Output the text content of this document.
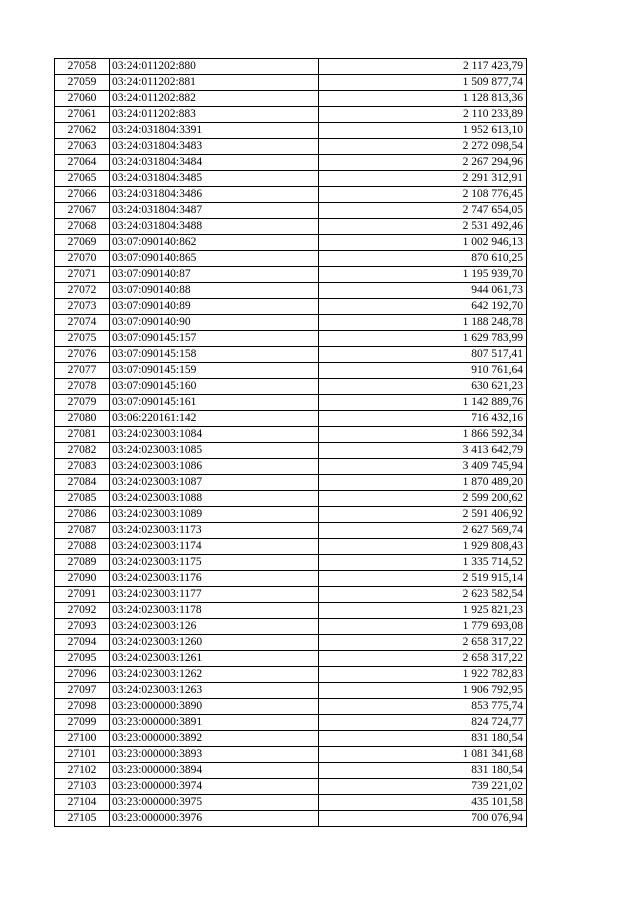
27058	03:24:011202:880	2 117 423,79
27059	03:24:011202:881	1 509 877,74
27060	03:24:011202:882	1 128 813,36
27061	03:24:011202:883	2 110 233,89
27062	03:24:031804:3391	1 952 613,10
27063	03:24:031804:3483	2 272 098,54
27064	03:24:031804:3484	2 267 294,96
27065	03:24:031804:3485	2 291 312,91
27066	03:24:031804:3486	2 108 776,45
27067	03:24:031804:3487	2 747 654,05
27068	03:24:031804:3488	2 531 492,46
27069	03:07:090140:862	1 002 946,13
27070	03:07:090140:865	870 610,25
27071	03:07:090140:87	1 195 939,70
27072	03:07:090140:88	944 061,73
27073	03:07:090140:89	642 192,70
27074	03:07:090140:90	1 188 248,78
27075	03:07:090145:157	1 629 783,99
27076	03:07:090145:158	807 517,41
27077	03:07:090145:159	910 761,64
27078	03:07:090145:160	630 621,23
27079	03:07:090145:161	1 142 889,76
27080	03:06:220161:142	716 432,16
27081	03:24:023003:1084	1 866 592,34
27082	03:24:023003:1085	3 413 642,79
27083	03:24:023003:1086	3 409 745,94
27084	03:24:023003:1087	1 870 489,20
27085	03:24:023003:1088	2 599 200,62
27086	03:24:023003:1089	2 591 406,92
27087	03:24:023003:1173	2 627 569,74
27088	03:24:023003:1174	1 929 808,43
27089	03:24:023003:1175	1 335 714,52
27090	03:24:023003:1176	2 519 915,14
27091	03:24:023003:1177	2 623 582,54
27092	03:24:023003:1178	1 925 821,23
27093	03:24:023003:126	1 779 693,08
27094	03:24:023003:1260	2 658 317,22
27095	03:24:023003:1261	2 658 317,22
27096	03:24:023003:1262	1 922 782,83
27097	03:24:023003:1263	1 906 792,95
27098	03:23:000000:3890	853 775,74
27099	03:23:000000:3891	824 724,77
27100	03:23:000000:3892	831 180,54
27101	03:23:000000:3893	1 081 341,68
27102	03:23:000000:3894	831 180,54
27103	03:23:000000:3974	739 221,02
27104	03:23:000000:3975	435 101,58
27105	03:23:000000:3976	700 076,94
